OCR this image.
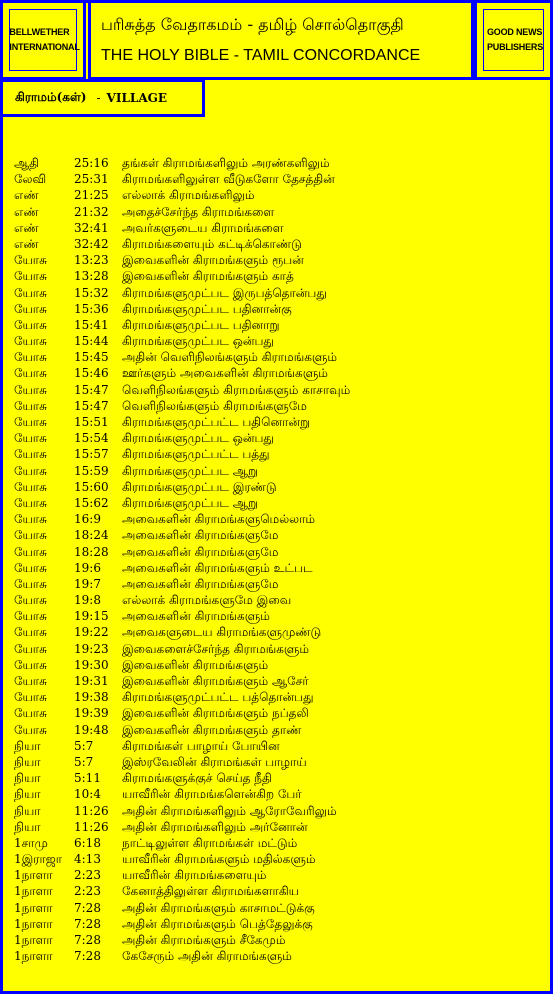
BELLWETHER
INTERNATIONAL
பரிசுத்த வேதாகமம் - தமிழ் சொல்தொகுதி
THE HOLY BIBLE - TAMIL CONCORDANCE
GOOD NEWS
PUBLISHERS
கிராமம்(கள்) - VILLAGE
ஆதி	25:16 தங்கள் கிராமங்களிலும் அரண்களிலும்
லேவி 25:31 கிராமங்களிலுள்ள வீடுகளோ தேசத்தின்
எண்	21:25 எல்லாக் கிராமங்களிலும்
எண்	21:32 அதைச்சேர்ந்த கிராமங்களை
எண்	32:41 அவர்களுடைய கிராமங்களை
எண்	32:42 கிராமங்களையும் கட்டிக்கொண்டு
யோசு 13:23 இவைகளின் கிராமங்களும் ரூபன்
யோசு 13:28 இவைகளின் கிராமங்களும் காத்
யோசு 15:32 கிராமங்களுமுட்பட இருபத்தொன்பது
யோசு 15:36 கிராமங்களுமுட்பட பதினான்கு
யோசு 15:41 கிராமங்களுமுட்பட பதினாறு
யோசு 15:44 கிராமங்களுமுட்பட ஒன்பது
யோசு 15:45 அதின் வெளிநிலங்களும் கிராமங்களும்
யோசு 15:46 ஊர்களும் அவைகளின் கிராமங்களும்
யோசு 15:47 வெளிநிலங்களும் கிராமங்களும் காசாவும்
யோசு 15:47 வெளிநிலங்களும் கிராமங்களுமே
யோசு 15:51 கிராமங்களுமுட்பட்ட பதினொன்று
யோசு 15:54 கிராமங்களுமுட்பட ஒன்பது
யோசு 15:57 கிராமங்களுமுட்பட்ட பத்து
யோசு 15:59 கிராமங்களுமுட்பட ஆறு
யோசு 15:60 கிராமங்களுமுட்பட இரண்டு
யோசு 15:62 கிராமங்களுமுட்பட ஆறு
யோசு 16:9 அவைகளின் கிராமங்களுமெல்லாம்
யோசு 18:24 அவைகளின் கிராமங்களுமே
யோசு 18:28 அவைகளின் கிராமங்களுமே
யோசு 19:6 அவைகளின் கிராமங்களும் உட்பட
யோசு 19:7 அவைகளின் கிராமங்களுமே
யோசு 19:8 எல்லாக் கிராமங்களுமே இவை
யோசு 19:15 அவைகளின் கிராமங்களும்
யோசு 19:22 அவைகளுடைய கிராமங்களுமுண்டு
யோசு 19:23 இவைகளைச்சேர்ந்த கிராமங்களும்
யோசு 19:30 இவைகளின் கிராமங்களும்
யோசு 19:31 இவைகளின் கிராமங்களும் ஆசேர்
யோசு 19:38 கிராமங்களுமுட்பட்ட பத்தொன்பது
யோசு 19:39 இவைகளின் கிராமங்களும் நப்தலி
யோசு 19:48 இவைகளின் கிராமங்களும் தாண்
நியா	5:7 கிராமங்கள் பாழாய் போயின
நியா	5:7 இஸ்ரவேலின் கிராமங்கள் பாழாய்
நியா	5:11 கிராமங்களுக்குச் செய்த நீதி
நியா	10:4 யாவீரின் கிராமங்களென்கிற பேர்
நியா	11:26 அதின் கிராமங்களிலும் ஆரோவேரிலும்
நியா	11:26 அதின் கிராமங்களிலும் அர்னோன்
1சாமு 6:18 நாட்டிலுள்ள கிராமங்கள் மட்டும்
1இராஜா 4:13 யாவீரின் கிராமங்களும் மதில்களும்
1நாளா 2:23 யாவீரின் கிராமங்களையும்
1நாளா 2:23 கேனாத்திலுள்ள கிராமங்களாகிய
1நாளா 7:28 அதின் கிராமங்களும் காசாமட்டுக்கு
1நாளா 7:28 அதின் கிராமங்களும் பெத்தேலுக்கு
1நாளா 7:28 அதின் கிராமங்களும் சீகேமும்
1நாளா 7:28 கேசேரும் அதின் கிராமங்களும்
